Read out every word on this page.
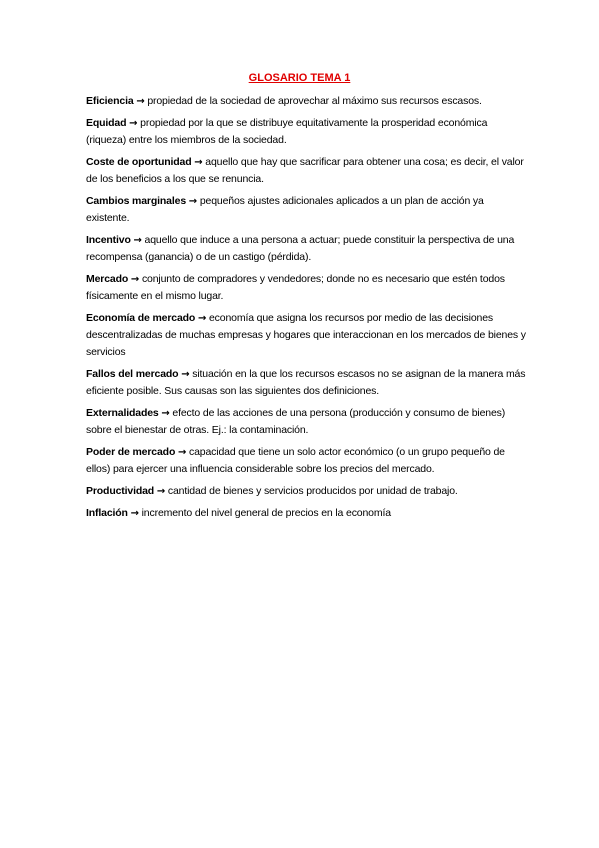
GLOSARIO TEMA 1

Eficiencia → propiedad de la sociedad de aprovechar al máximo sus recursos escasos.

Equidad → propiedad por la que se distribuye equitativamente la prosperidad económica (riqueza) entre los miembros de la sociedad.

Coste de oportunidad → aquello que hay que sacrificar para obtener una cosa; es decir, el valor de los beneficios a los que se renuncia.

Cambios marginales → pequeños ajustes adicionales aplicados a un plan de acción ya existente.

Incentivo → aquello que induce a una persona a actuar; puede constituir la perspectiva de una recompensa (ganancia) o de un castigo (pérdida).

Mercado → conjunto de compradores y vendedores; donde no es necesario que estén todos físicamente en el mismo lugar.

Economía de mercado → economía que asigna los recursos por medio de las decisiones descentralizadas de muchas empresas y hogares que interaccionan en los mercados de bienes y servicios

Fallos del mercado → situación en la que los recursos escasos no se asignan de la manera más eficiente posible. Sus causas son las siguientes dos definiciones.

Externalidades → efecto de las acciones de una persona (producción y consumo de bienes) sobre el bienestar de otras. Ej.: la contaminación.

Poder de mercado → capacidad que tiene un solo actor económico (o un grupo pequeño de ellos) para ejercer una influencia considerable sobre los precios del mercado.

Productividad → cantidad de bienes y servicios producidos por unidad de trabajo.

Inflación → incremento del nivel general de precios en la economía
